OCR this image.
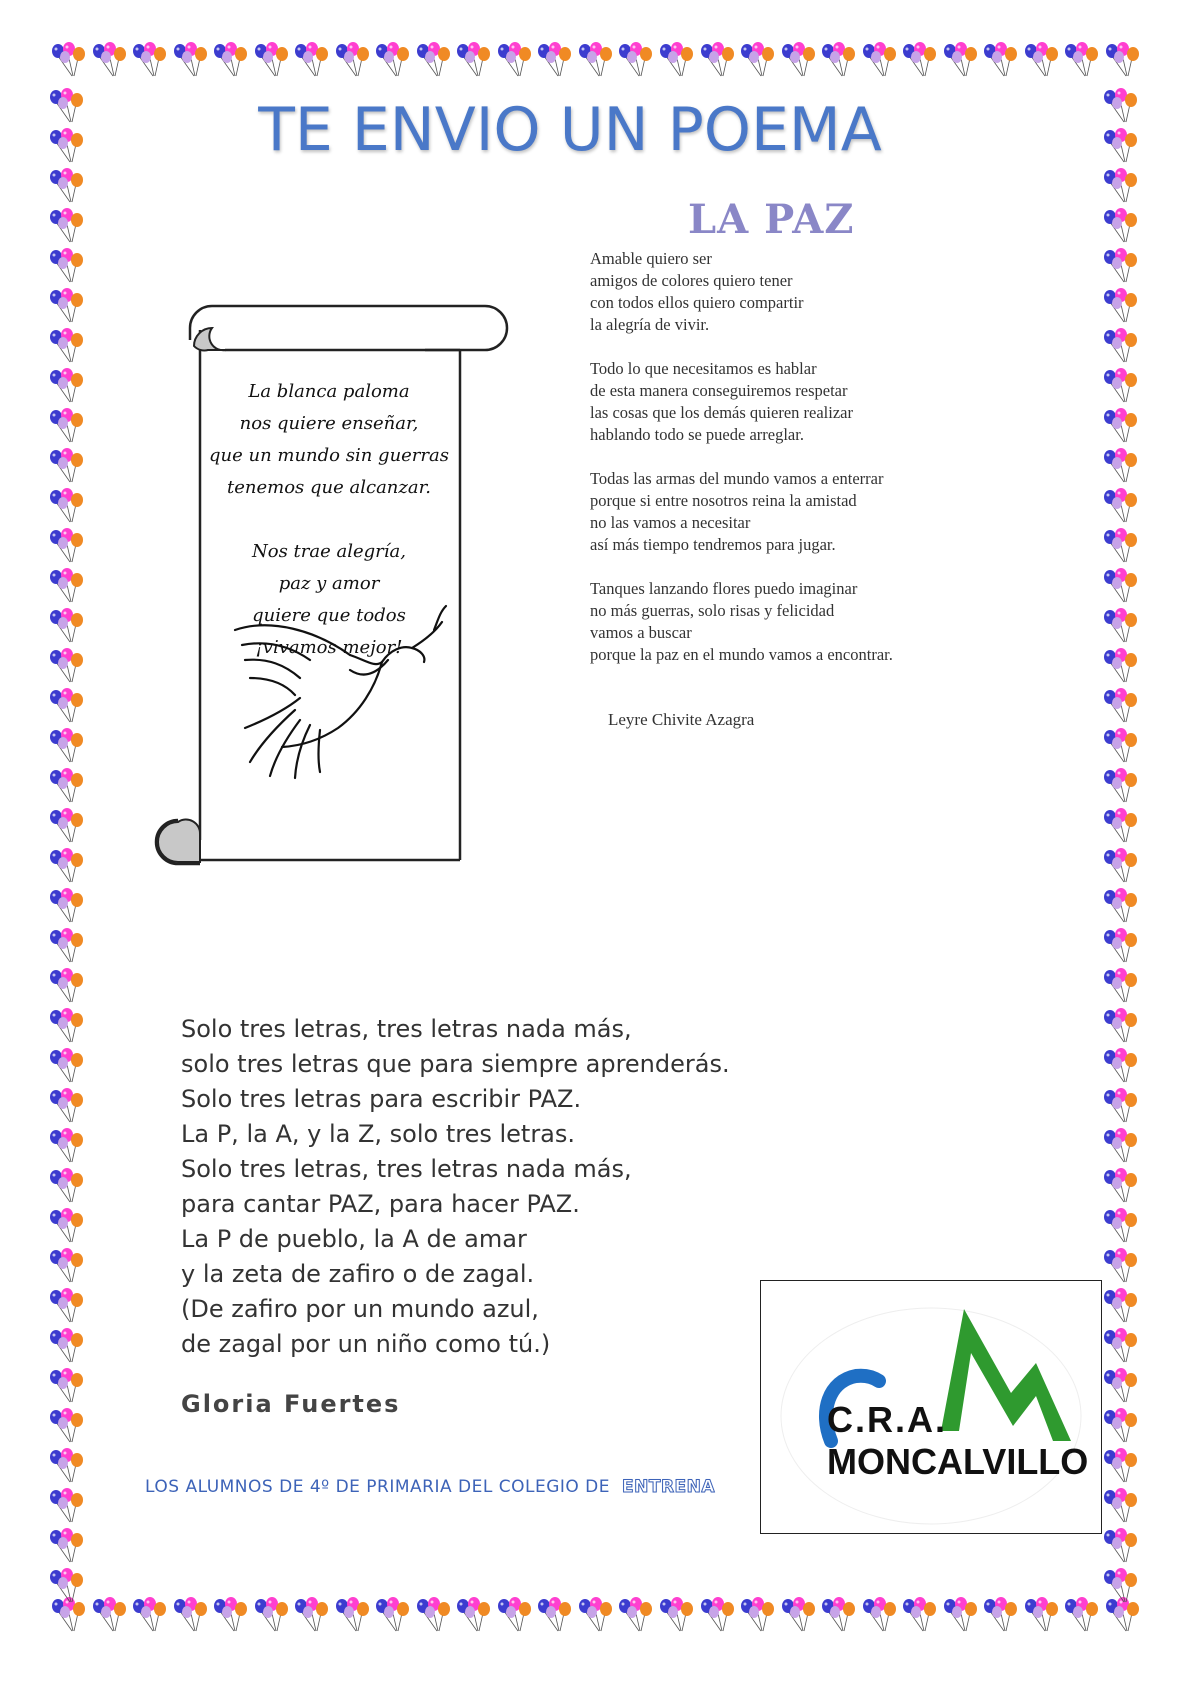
TE ENVIO UN POEMA
LA PAZ

Amable quiero ser
amigos de colores quiero tener
con todos ellos quiero compartir
la alegría de vivir.

Todo lo que necesitamos es hablar
de esta manera conseguiremos respetar
las cosas que los demás quieren realizar
hablando todo se puede arreglar.

Todas las armas del mundo vamos a enterrar
porque si entre nosotros reina la amistad
no las vamos a necesitar
así más tiempo tendremos para jugar.

Tanques lanzando flores puedo imaginar
no más guerras, solo risas y felicidad
vamos a buscar
porque la paz en el mundo vamos a encontrar.

Leyre Chivite Azagra
La blanca paloma
nos quiere enseñar,
que un mundo sin guerras
tenemos que alcanzar.
Nos trae alegría,
paz y amor
quiere que todos
¡vivamos mejor!
Solo tres letras, tres letras nada más,
solo tres letras que para siempre aprenderás.
Solo tres letras para escribir PAZ.
La P, la A, y la Z, solo tres letras.
Solo tres letras, tres letras nada más,
para cantar PAZ, para hacer PAZ.
La P de pueblo, la A de amar
y la zeta de zafiro o de zagal.
(De zafiro por un mundo azul,
de zagal por un niño como tú.)
Gloria Fuertes
LOS ALUMNOS DE 4º DE PRIMARIA DEL COLEGIO DE ENTRENA
C.R.A.
MONCALVILLO
